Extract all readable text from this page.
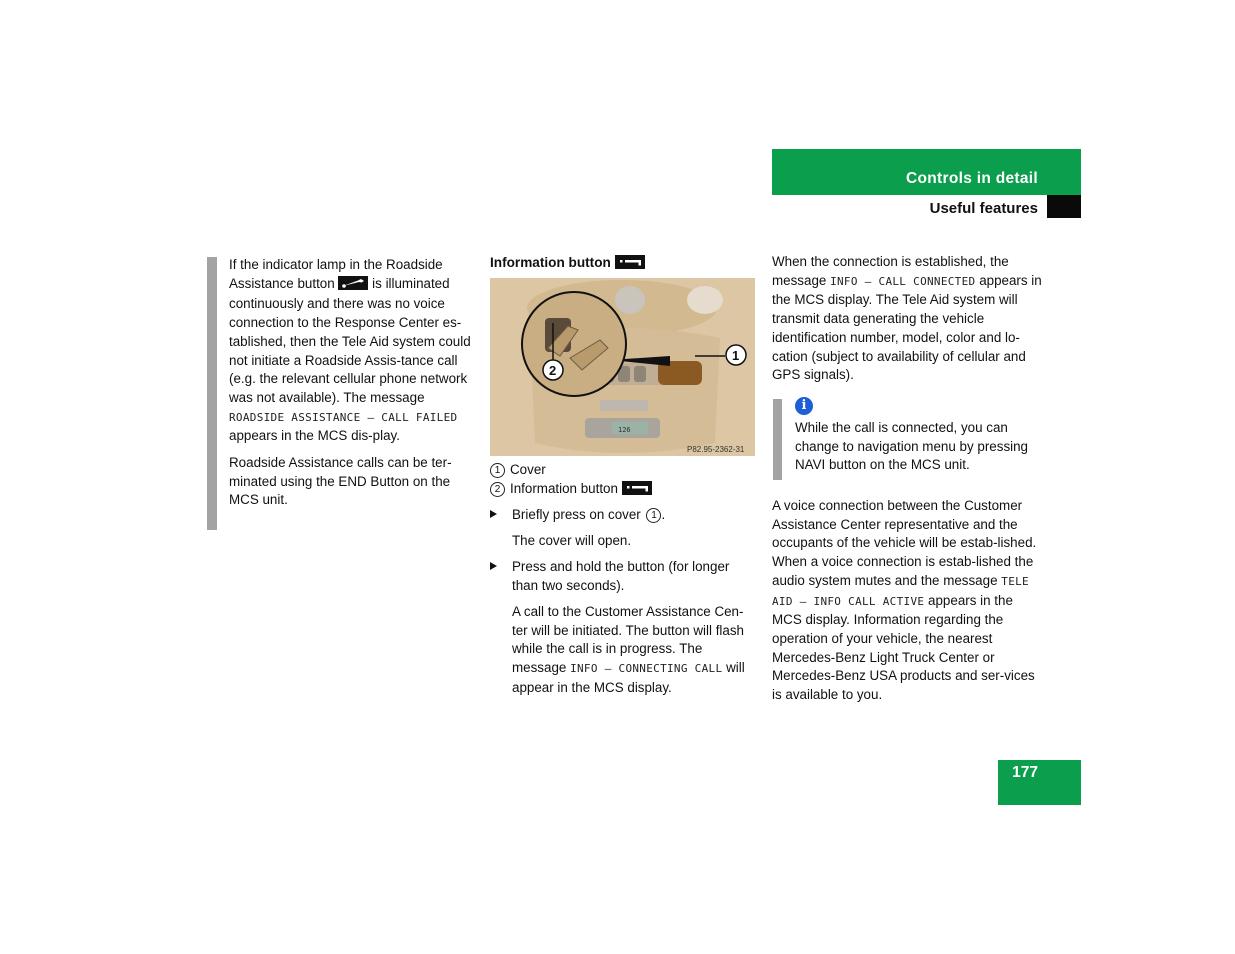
Controls in detail
Useful features

If the indicator lamp in the Roadside Assistance button	is illuminated continuously and there was no voice connection to the Response Center es-tablished, then the Tele Aid system could not initiate a Roadside Assis-tance call (e.g. the relevant cellular phone network was not available). The message ROADSIDE ASSISTANCE – CALL FAILED appears in the MCS dis-play.

Roadside Assistance calls can be ter-minated using the END Button on the MCS unit.

Information button

126
1
2
P82.95-2362-31

1 Cover

2 Information button

Briefly press on cover 1 .

The cover will open.

Press and hold the button (for longer than two seconds).

A call to the Customer Assistance Cen-ter will be initiated. The button will flash while the call is in progress. The message INFO – CONNECTING CALL will appear in the MCS display.

When the connection is established, the message INFO – CALL CONNECTED appears in the MCS display. The Tele Aid system will transmit data generating the vehicle identification number, model, color and lo-cation (subject to availability of cellular and GPS signals).

i

While the call is connected, you can change to navigation menu by pressing NAVI button on the MCS unit.

A voice connection between the Customer Assistance Center representative and the occupants of the vehicle will be estab-lished. When a voice connection is estab-lished the audio system mutes and the message TELE AID – INFO CALL ACTIVE appears in the MCS display. Information regarding the operation of your vehicle, the nearest Mercedes-Benz Light Truck Center or Mercedes-Benz USA products and ser-vices is available to you.

177
